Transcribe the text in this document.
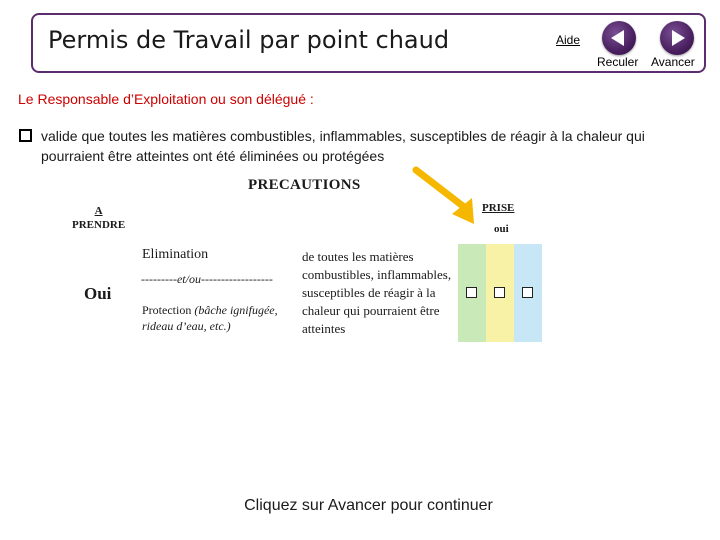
Permis de Travail par point chaud	Aide
Reculer Avancer
Le Responsable d’Exploitation ou son délégué :
valide que toutes les matières combustibles, inflammables, susceptibles de réagir à la chaleur qui pourraient être atteintes ont été éliminées ou protégées
PRECAUTIONS
A
PRENDRE
Oui
Elimination
---------et/ou------------------
Protection (bâche ignifugée, rideau d’eau, etc.)
de toutes les matières combustibles, inflammables, susceptibles de réagir à la chaleur qui pourraient être atteintes
PRISE
oui
Cliquez sur Avancer pour continuer
